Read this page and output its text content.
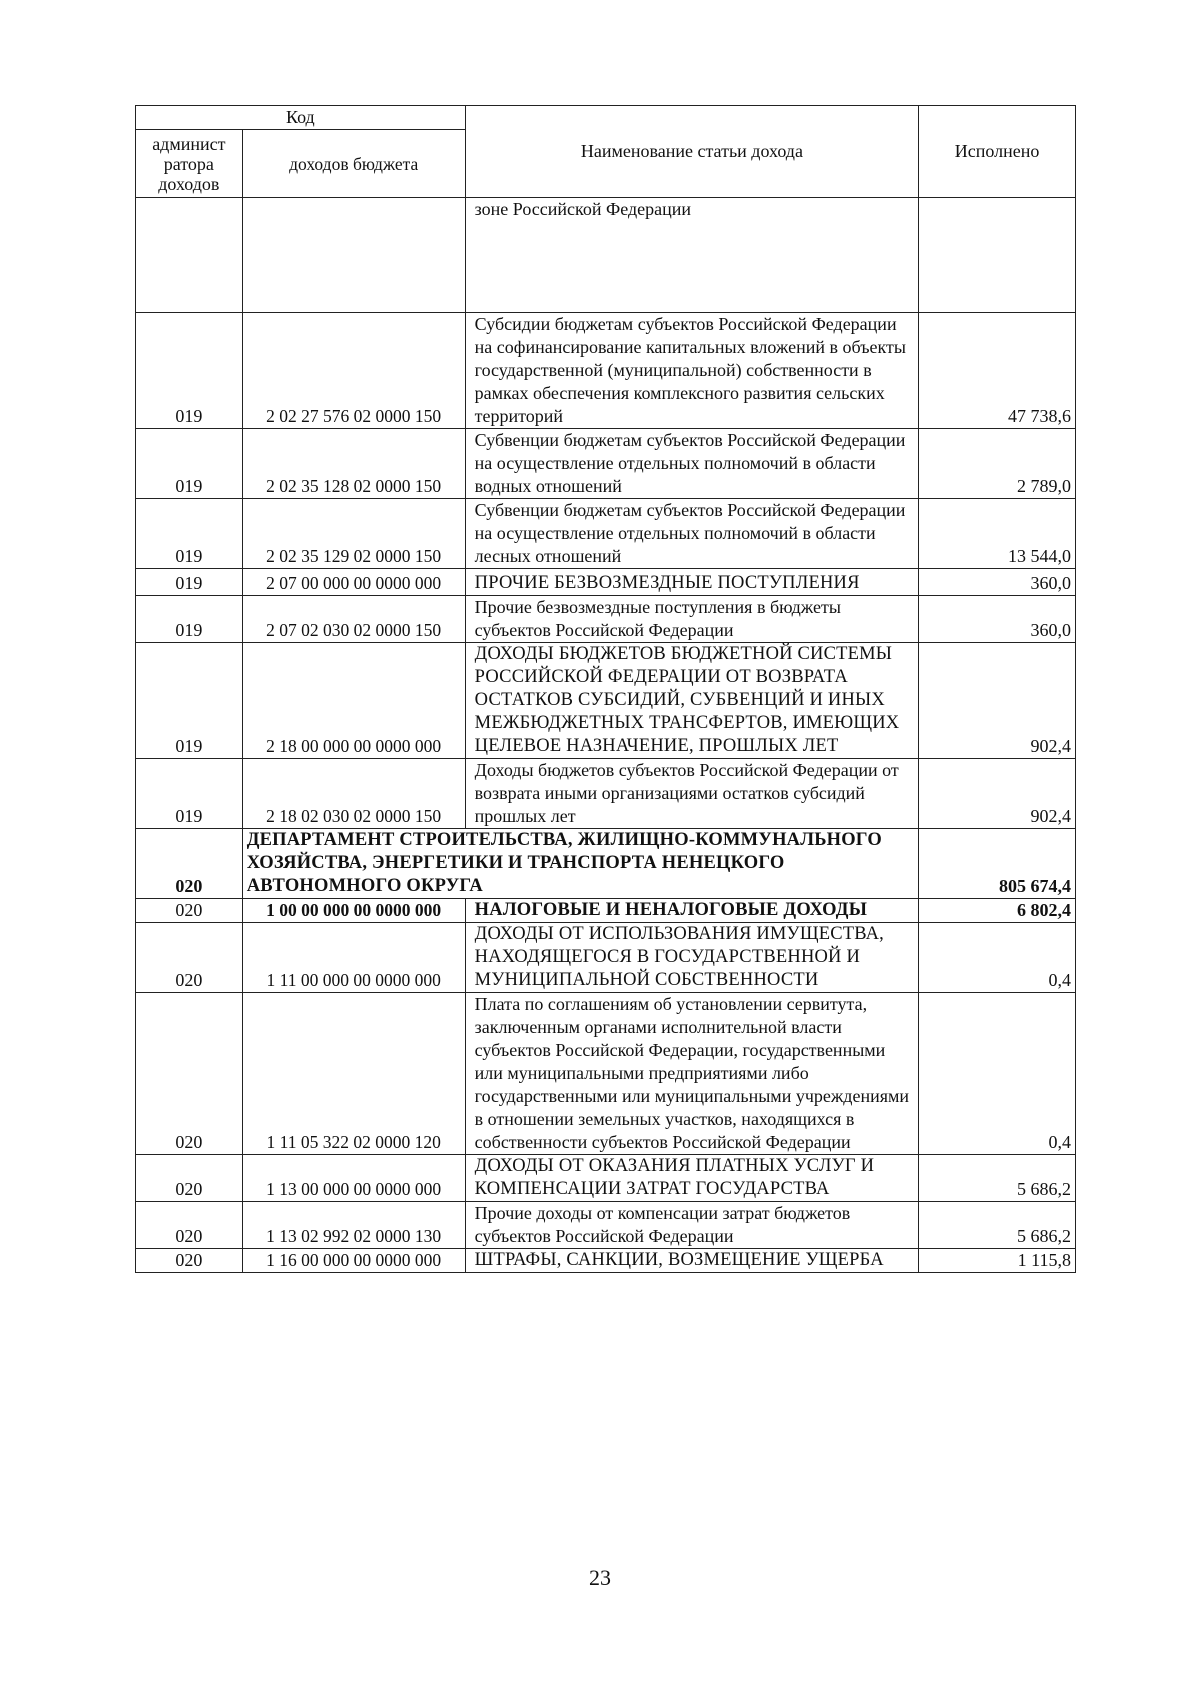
Код		Наименование статьи дохода	Исполнено
админист ратора доходов	доходов бюджета		
		зоне Российской Федерации	
019	2 02 27 576 02 0000 150	Субсидии бюджетам субъектов Российской Федерации на софинансирование капитальных вложений в объекты государственной (муниципальной) собственности в рамках обеспечения комплексного развития сельских территорий	47 738,6
019	2 02 35 128 02 0000 150	Субвенции бюджетам субъектов Российской Федерации на осуществление отдельных полномочий в области водных отношений	2 789,0
019	2 02 35 129 02 0000 150	Субвенции бюджетам субъектов Российской Федерации на осуществление отдельных полномочий в области лесных отношений	13 544,0
019	2 07 00 000 00 0000 000	ПРОЧИЕ БЕЗВОЗМЕЗДНЫЕ ПОСТУПЛЕНИЯ	360,0
019	2 07 02 030 02 0000 150	Прочие безвозмездные поступления в бюджеты субъектов Российской Федерации	360,0
019	2 18 00 000 00 0000 000	ДОХОДЫ БЮДЖЕТОВ БЮДЖЕТНОЙ СИСТЕМЫ РОССИЙСКОЙ ФЕДЕРАЦИИ ОТ ВОЗВРАТА ОСТАТКОВ СУБСИДИЙ, СУБВЕНЦИЙ И ИНЫХ МЕЖБЮДЖЕТНЫХ ТРАНСФЕРТОВ, ИМЕЮЩИХ ЦЕЛЕВОЕ НАЗНАЧЕНИЕ, ПРОШЛЫХ ЛЕТ	902,4
019	2 18 02 030 02 0000 150	Доходы бюджетов субъектов Российской Федерации от возврата иными организациями остатков субсидий прошлых лет	902,4
020	ДЕПАРТАМЕНТ СТРОИТЕЛЬСТВА, ЖИЛИЩНО-КОММУНАЛЬНОГО ХОЗЯЙСТВА, ЭНЕРГЕТИКИ И ТРАНСПОРТА НЕНЕЦКОГО АВТОНОМНОГО ОКРУГА		805 674,4
020	1 00 00 000 00 0000 000	НАЛОГОВЫЕ И НЕНАЛОГОВЫЕ ДОХОДЫ	6 802,4
020	1 11 00 000 00 0000 000	ДОХОДЫ ОТ ИСПОЛЬЗОВАНИЯ ИМУЩЕСТВА, НАХОДЯЩЕГОСЯ В ГОСУДАРСТВЕННОЙ И МУНИЦИПАЛЬНОЙ СОБСТВЕННОСТИ	0,4
020	1 11 05 322 02 0000 120	Плата по соглашениям об установлении сервитута, заключенным органами исполнительной власти субъектов Российской Федерации, государственными или муниципальными предприятиями либо государственными или муниципальными учреждениями в отношении земельных участков, находящихся в собственности субъектов Российской Федерации	0,4
020	1 13 00 000 00 0000 000	ДОХОДЫ ОТ ОКАЗАНИЯ ПЛАТНЫХ УСЛУГ И КОМПЕНСАЦИИ ЗАТРАТ ГОСУДАРСТВА	5 686,2
020	1 13 02 992 02 0000 130	Прочие доходы от компенсации затрат бюджетов субъектов Российской Федерации	5 686,2
020	1 16 00 000 00 0000 000	ШТРАФЫ, САНКЦИИ, ВОЗМЕЩЕНИЕ УЩЕРБА	1 115,8
23
